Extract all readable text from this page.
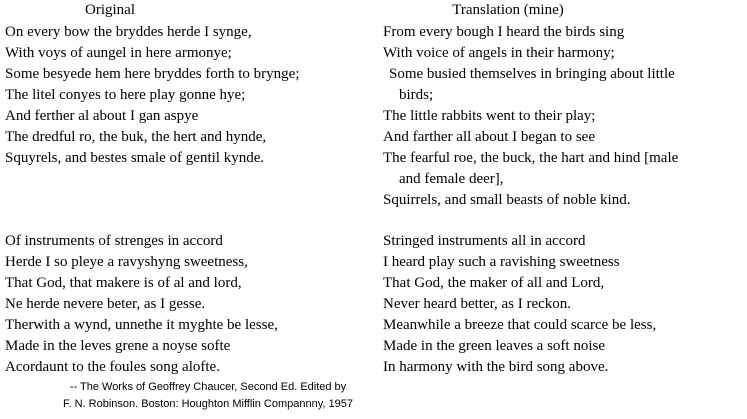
Original
On every bow the bryddes herde I synge,
With voys of aungel in here armonye;
Some besyede hem here bryddes forth to brynge;
The litel conyes to here play gonne hye;
And ferther al about I gan aspye
The dredful ro, the buk, the hert and hynde,
Squyrels, and bestes smale of gentil kynde.
Of instruments of strenges in accord
Herde I so pleye a ravyshyng sweetness,
That God, that makere is of al and lord,
Ne herde nevere beter, as I gesse.
Therwith a wynd, unnethe it myghte be lesse,
Made in the leves grene a noyse softe
Acordaunt to the foules song alofte.
Translation (mine)
From every bough I heard the birds sing
With voice of angels in their harmony;
Some busied themselves in bringing about little
birds;
The little rabbits went to their play;
And farther all about I began to see
The fearful roe, the buck, the hart and hind [male
and female deer],
Squirrels, and small beasts of noble kind.
Stringed instruments all in accord
I heard play such a ravishing sweetness
That God, the maker of all and Lord,
Never heard better, as I reckon.
Meanwhile a breeze that could scarce be less,
Made in the green leaves a soft noise
In harmony with the bird song above.
-- The Works of Geoffrey Chaucer, Second Ed. Edited by
F. N. Robinson. Boston: Houghton Mifflin Compannny, 1957
